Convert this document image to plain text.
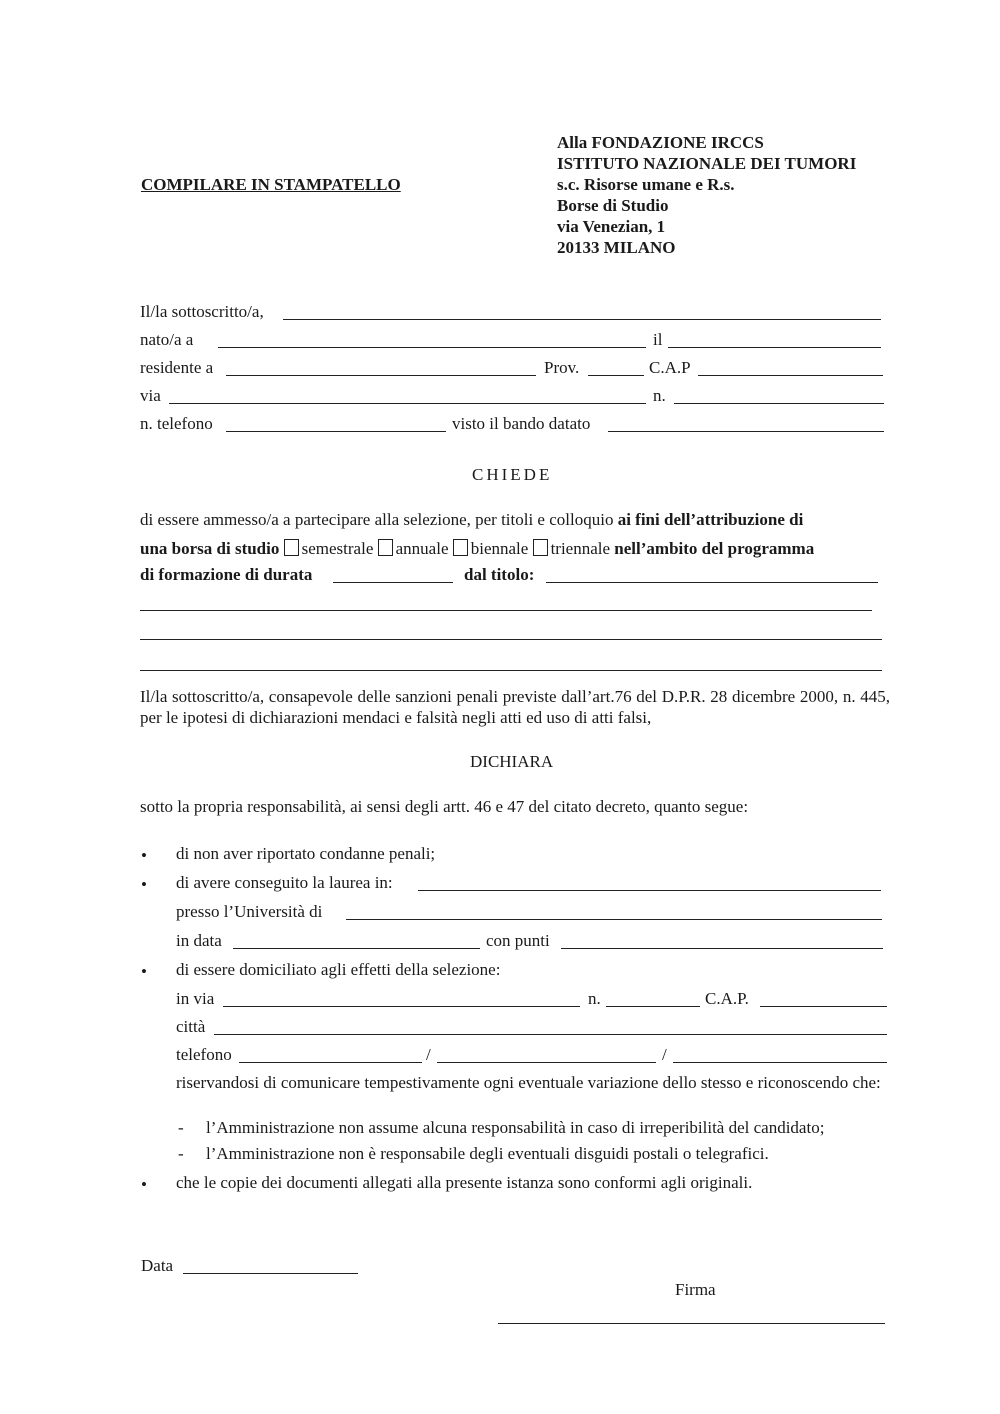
COMPILARE IN STAMPATELLO
Alla FONDAZIONE IRCCS
ISTITUTO NAZIONALE DEI TUMORI
s.c. Risorse umane e R.s.
Borse di Studio
via Venezian, 1
20133 MILANO
Il/la sottoscritto/a,
nato/a a	il
residente a	Prov.	C.A.P
via	n.
n. telefono	visto il bando datato
CHIEDE
di essere ammesso/a a partecipare alla selezione, per titoli e colloquio ai fini dell’attribuzione di
una borsa di studio semestrale annuale biennale triennale nell’ambito del programma
di formazione di durata	dal titolo:
Il/la sottoscritto/a, consapevole delle sanzioni penali previste dall’art.76 del D.P.R. 28 dicembre 2000, n. 445, per le ipotesi di dichiarazioni mendaci e falsità negli atti ed uso di atti falsi,
DICHIARA
sotto la propria responsabilità, ai sensi degli artt. 46 e 47 del citato decreto, quanto segue:
• di non aver riportato condanne penali;
• di avere conseguito la laurea in:
presso l’Università di
in data	con punti
• di essere domiciliato agli effetti della selezione:
in via	n.	C.A.P.
città
telefono	/	/
riservandosi di comunicare tempestivamente ogni eventuale variazione dello stesso e riconoscendo che:
- l’Amministrazione non assume alcuna responsabilità in caso di irreperibilità del candidato;
- l’Amministrazione non è responsabile degli eventuali disguidi postali o telegrafici.
• che le copie dei documenti allegati alla presente istanza sono conformi agli originali.
Data
Firma
